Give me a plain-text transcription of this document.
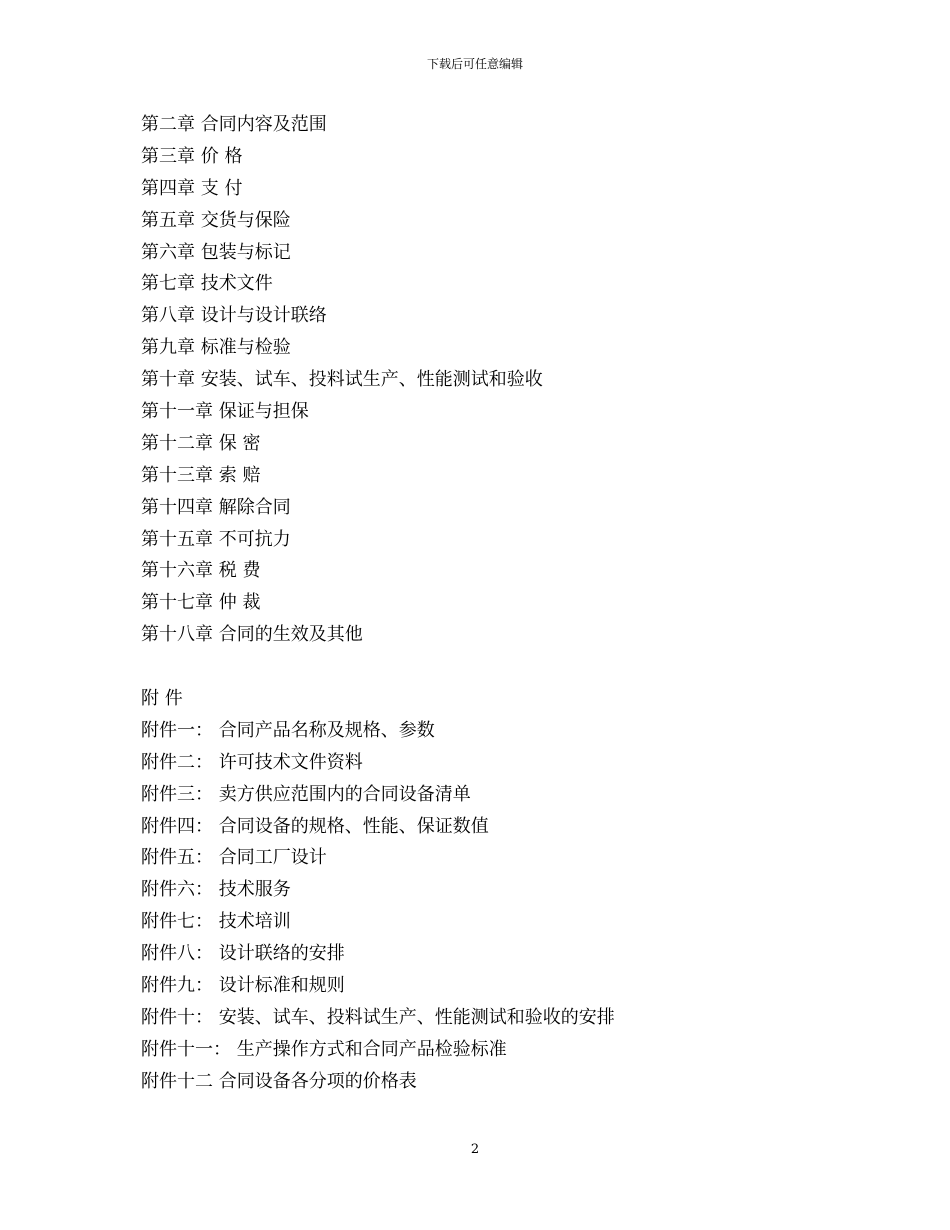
下载后可任意编辑
第二章 合同内容及范围
第三章 价 格
第四章 支 付
第五章 交货与保险
第六章 包装与标记
第七章 技术文件
第八章 设计与设计联络
第九章 标准与检验
第十章 安装、试车、投料试生产、性能测试和验收
第十一章 保证与担保
第十二章 保 密
第十三章 索 赔
第十四章 解除合同
第十五章 不可抗力
第十六章 税 费
第十七章 仲 裁
第十八章 合同的生效及其他
附 件
附件一： 合同产品名称及规格、参数
附件二： 许可技术文件资料
附件三： 卖方供应范围内的合同设备清单
附件四： 合同设备的规格、性能、保证数值
附件五： 合同工厂设计
附件六： 技术服务
附件七： 技术培训
附件八： 设计联络的安排
附件九： 设计标准和规则
附件十： 安装、试车、投料试生产、性能测试和验收的安排
附件十一： 生产操作方式和合同产品检验标准
附件十二 合同设备各分项的价格表
2
